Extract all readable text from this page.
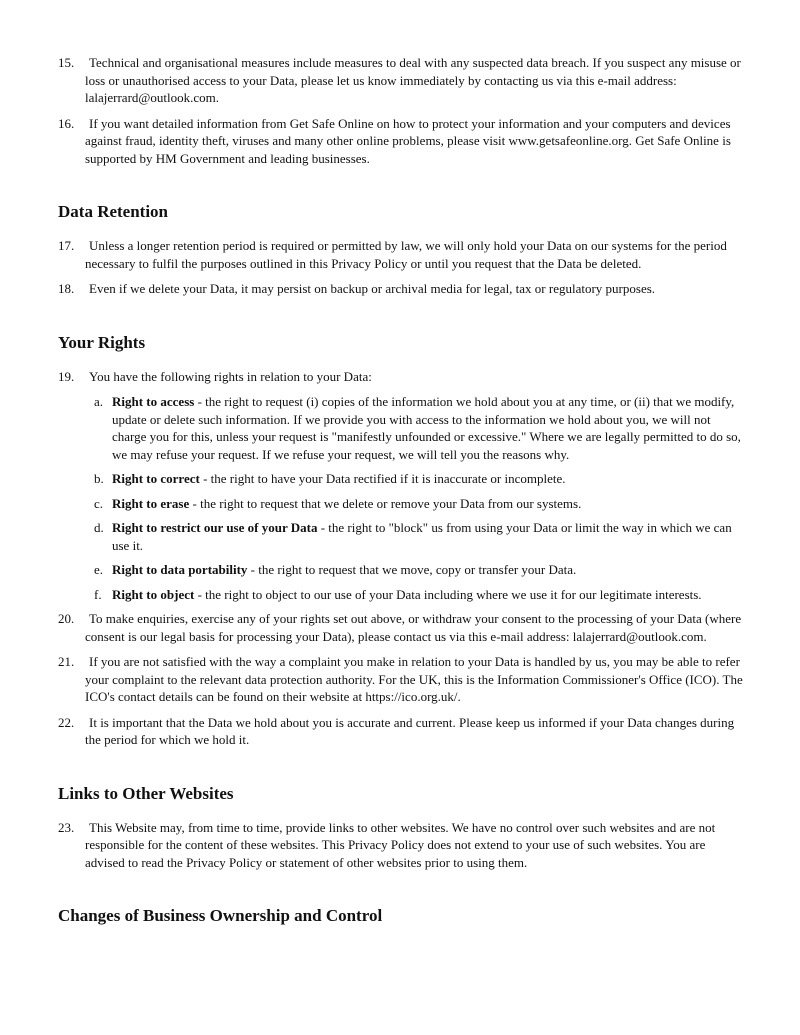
15. Technical and organisational measures include measures to deal with any suspected data breach. If you suspect any misuse or loss or unauthorised access to your Data, please let us know immediately by contacting us via this e-mail address: lalajerrard@outlook.com.
16. If you want detailed information from Get Safe Online on how to protect your information and your computers and devices against fraud, identity theft, viruses and many other online problems, please visit www.getsafeonline.org. Get Safe Online is supported by HM Government and leading businesses.
Data Retention
17. Unless a longer retention period is required or permitted by law, we will only hold your Data on our systems for the period necessary to fulfil the purposes outlined in this Privacy Policy or until you request that the Data be deleted.
18. Even if we delete your Data, it may persist on backup or archival media for legal, tax or regulatory purposes.
Your Rights
19. You have the following rights in relation to your Data:
a. Right to access - the right to request (i) copies of the information we hold about you at any time, or (ii) that we modify, update or delete such information. If we provide you with access to the information we hold about you, we will not charge you for this, unless your request is "manifestly unfounded or excessive." Where we are legally permitted to do so, we may refuse your request. If we refuse your request, we will tell you the reasons why.
b. Right to correct - the right to have your Data rectified if it is inaccurate or incomplete.
c. Right to erase - the right to request that we delete or remove your Data from our systems.
d. Right to restrict our use of your Data - the right to "block" us from using your Data or limit the way in which we can use it.
e. Right to data portability - the right to request that we move, copy or transfer your Data.
f. Right to object - the right to object to our use of your Data including where we use it for our legitimate interests.
20. To make enquiries, exercise any of your rights set out above, or withdraw your consent to the processing of your Data (where consent is our legal basis for processing your Data), please contact us via this e-mail address: lalajerrard@outlook.com.
21. If you are not satisfied with the way a complaint you make in relation to your Data is handled by us, you may be able to refer your complaint to the relevant data protection authority. For the UK, this is the Information Commissioner's Office (ICO). The ICO's contact details can be found on their website at https://ico.org.uk/.
22. It is important that the Data we hold about you is accurate and current. Please keep us informed if your Data changes during the period for which we hold it.
Links to Other Websites
23. This Website may, from time to time, provide links to other websites. We have no control over such websites and are not responsible for the content of these websites. This Privacy Policy does not extend to your use of such websites. You are advised to read the Privacy Policy or statement of other websites prior to using them.
Changes of Business Ownership and Control
